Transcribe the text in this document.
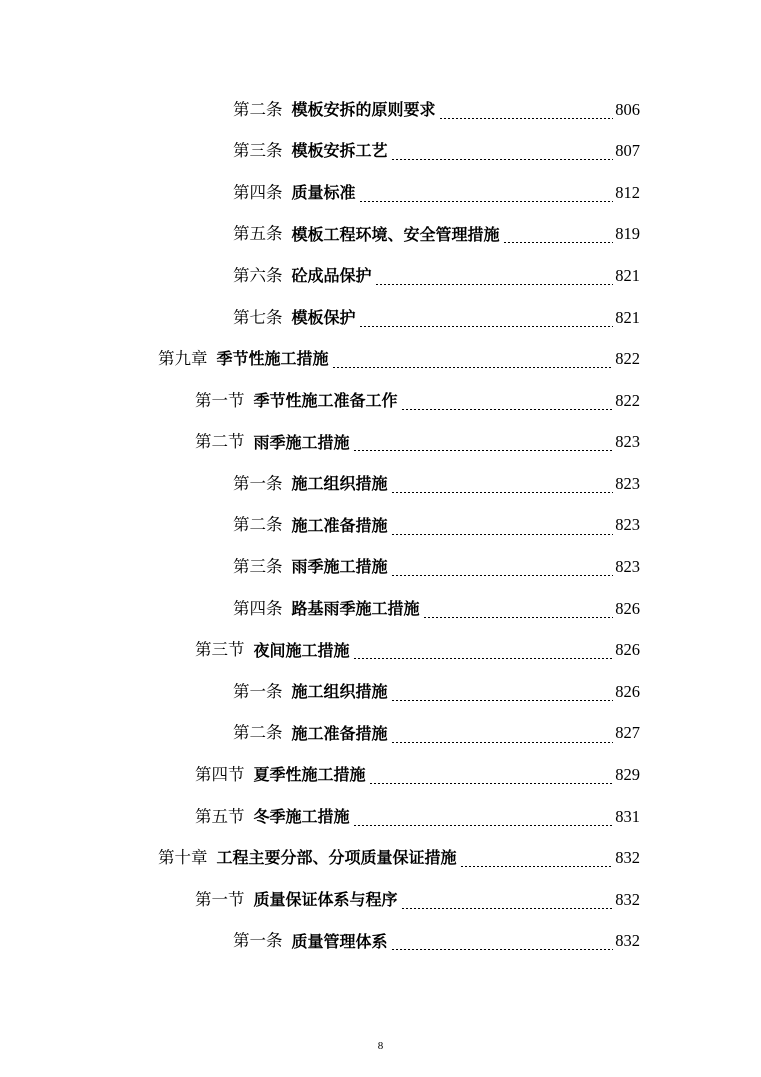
第二条 模板安拆的原则要求	806
第三条 模板安拆工艺	807
第四条 质量标准	812
第五条 模板工程环境、安全管理措施	819
第六条 砼成品保护	821
第七条 模板保护	821
第九章 季节性施工措施	822
第一节 季节性施工准备工作	822
第二节 雨季施工措施	823
第一条 施工组织措施	823
第二条 施工准备措施	823
第三条 雨季施工措施	823
第四条 路基雨季施工措施	826
第三节 夜间施工措施	826
第一条 施工组织措施	826
第二条 施工准备措施	827
第四节 夏季性施工措施	829
第五节 冬季施工措施	831
第十章 工程主要分部、分项质量保证措施	832
第一节 质量保证体系与程序	832
第一条 质量管理体系	832
8
